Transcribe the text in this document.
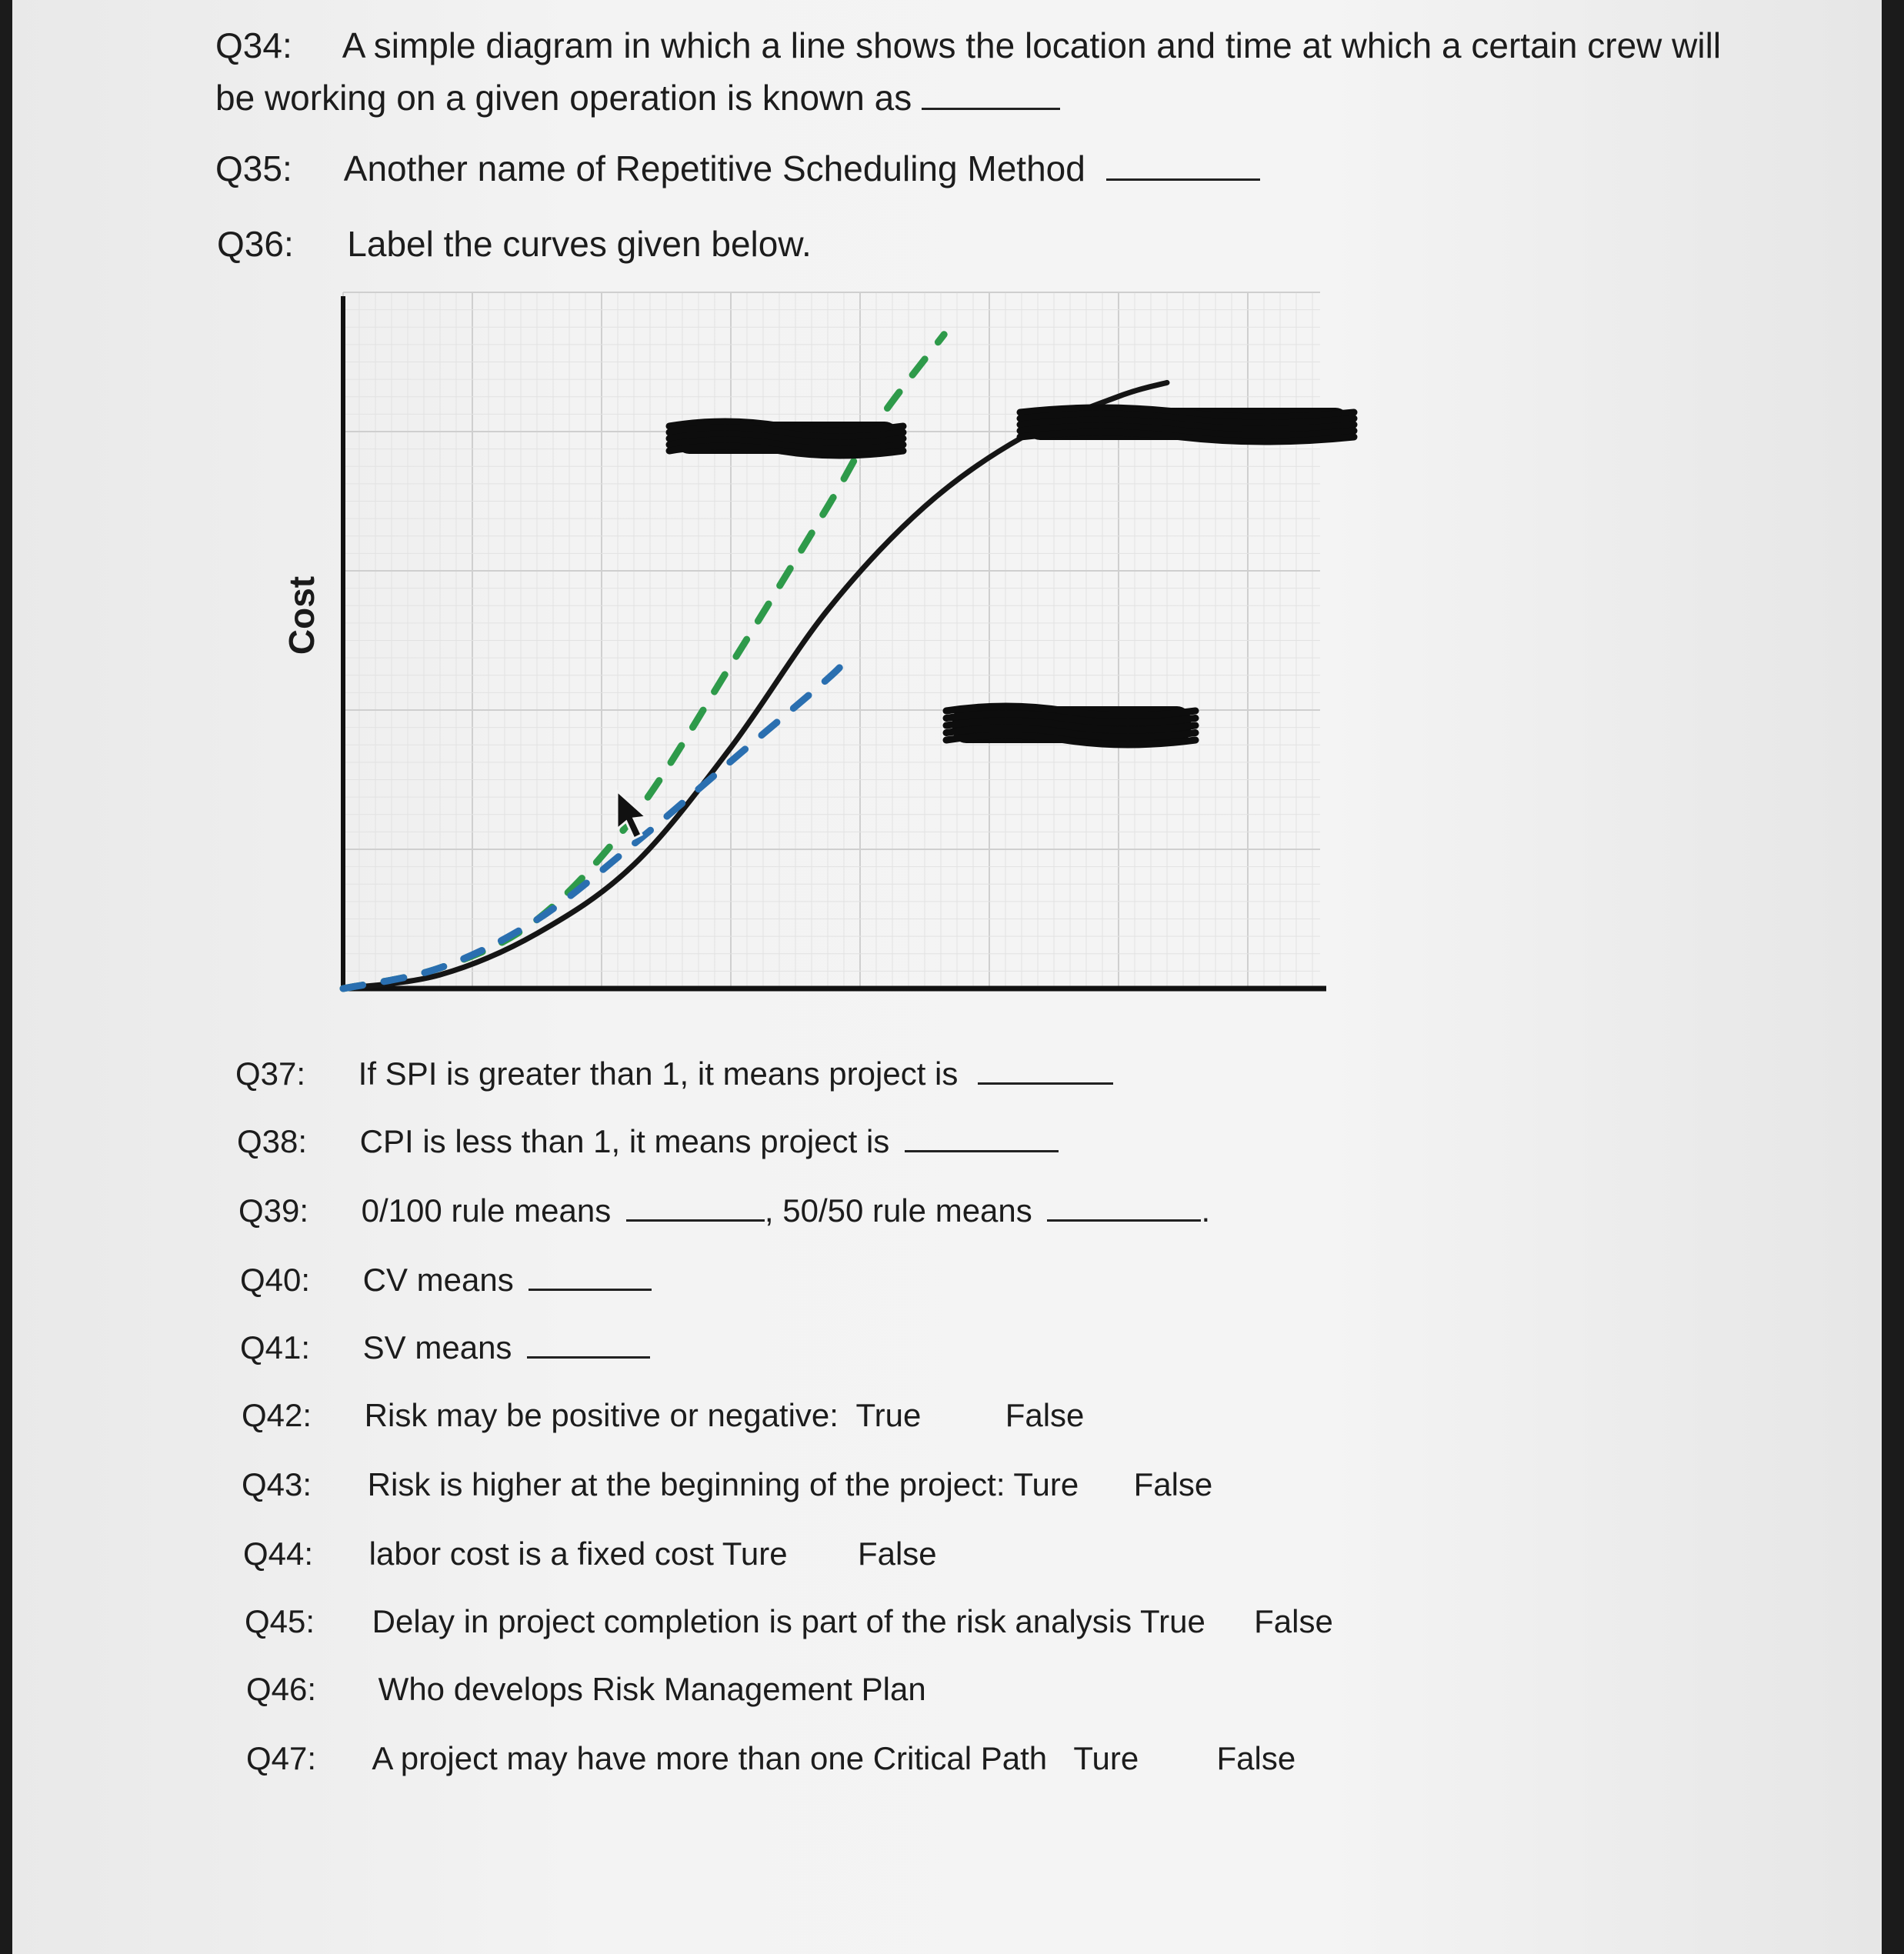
Q34: A simple diagram in which a line shows the location and time at which a certain crew will
be working on a given operation is known as
Q35: Another name of Repetitive Scheduling Method
Q36: Label the curves given below.
Cost
Q37: If SPI is greater than 1, it means project is
Q38: CPI is less than 1, it means project is
Q39: 0/100 rule means	, 50/50 rule means	.
Q40: CV means
Q41: SV means
Q42: Risk may be positive or negative:  True	False
Q43: Risk is higher at the beginning of the project: Ture False
Q44: labor cost is a fixed cost Ture False
Q45: Delay in project completion is part of the risk analysis True False
Q46: Who develops Risk Management Plan
Q47: A project may have more than one Critical Path   Ture False
